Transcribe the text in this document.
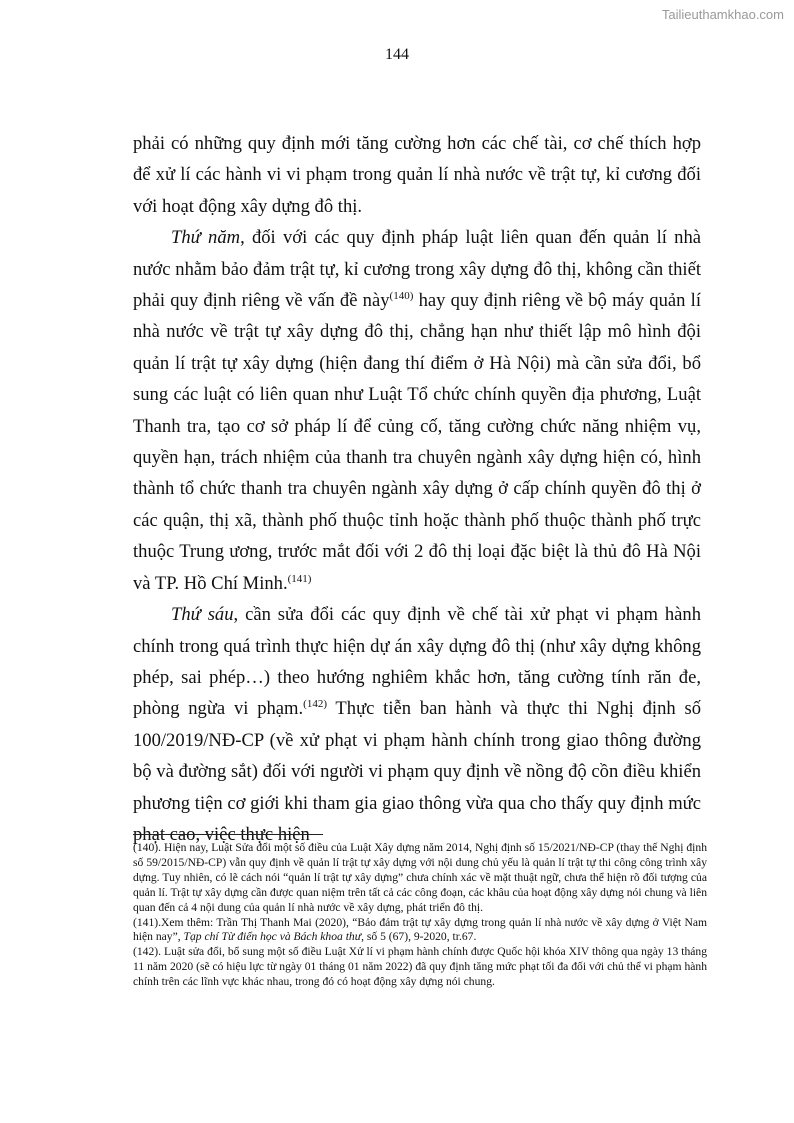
Tailieuthamkhao.com
144

phải có những quy định mới tăng cường hơn các chế tài, cơ chế thích hợp để xử lí các hành vi vi phạm trong quản lí nhà nước về trật tự, kỉ cương đối với hoạt động xây dựng đô thị.

Thứ năm, đối với các quy định pháp luật liên quan đến quản lí nhà nước nhằm bảo đảm trật tự, kỉ cương trong xây dựng đô thị, không cần thiết phải quy định riêng về vấn đề này$^{(140)}$ hay quy định riêng về bộ máy quản lí nhà nước về trật tự xây dựng đô thị, chẳng hạn như thiết lập mô hình đội quản lí trật tự xây dựng (hiện đang thí điểm ở Hà Nội) mà cần sửa đổi, bổ sung các luật có liên quan như Luật Tổ chức chính quyền địa phương, Luật Thanh tra, tạo cơ sở pháp lí để củng cố, tăng cường chức năng nhiệm vụ, quyền hạn, trách nhiệm của thanh tra chuyên ngành xây dựng hiện có, hình thành tổ chức thanh tra chuyên ngành xây dựng ở cấp chính quyền đô thị ở các quận, thị xã, thành phố thuộc tỉnh hoặc thành phố thuộc thành phố trực thuộc Trung ương, trước mắt đối với 2 đô thị loại đặc biệt là thủ đô Hà Nội và TP. Hồ Chí Minh.$^{(141)}$

Thứ sáu, cần sửa đổi các quy định về chế tài xử phạt vi phạm hành chính trong quá trình thực hiện dự án xây dựng đô thị (như xây dựng không phép, sai phép…) theo hướng nghiêm khắc hơn, tăng cường tính răn đe, phòng ngừa vi phạm.$^{(142)}$ Thực tiễn ban hành và thực thi Nghị định số 100/2019/NĐ-CP (về xử phạt vi phạm hành chính trong giao thông đường bộ và đường sắt) đối với người vi phạm quy định về nồng độ cồn điều khiển phương tiện cơ giới khi tham gia giao thông vừa qua cho thấy quy định mức phạt cao, việc thực hiện

(140). Hiện nay, Luật Sửa đổi một số điều của Luật Xây dựng năm 2014, Nghị định số 15/2021/NĐ-CP (thay thế Nghị định số 59/2015/NĐ-CP) vẫn quy định về quản lí trật tự xây dựng với nội dung chủ yếu là quản lí trật tự thi công công trình xây dựng. Tuy nhiên, có lẽ cách nói “quản lí trật tự xây dựng” chưa chính xác về mặt thuật ngữ, chưa thể hiện rõ đối tượng của quản lí. Trật tự xây dựng cần được quan niệm trên tất cả các công đoạn, các khâu của hoạt động xây dựng nói chung và liên quan đến cả 4 nội dung của quản lí nhà nước về xây dựng, phát triển đô thị.

(141).Xem thêm: Trần Thị Thanh Mai (2020), “Bảo đảm trật tự xây dựng trong quản lí nhà nước về xây dựng ở Việt Nam hiện nay”, Tạp chí Từ điển học và Bách khoa thư, số 5 (67), 9-2020, tr.67.

(142). Luật sửa đổi, bổ sung một số điều Luật Xử lí vi phạm hành chính được Quốc hội khóa XIV thông qua ngày 13 tháng 11 năm 2020 (sẽ có hiệu lực từ ngày 01 tháng 01 năm 2022) đã quy định tăng mức phạt tối đa đối với chủ thể vi phạm hành chính trên các lĩnh vực khác nhau, trong đó có hoạt động xây dựng nói chung.
